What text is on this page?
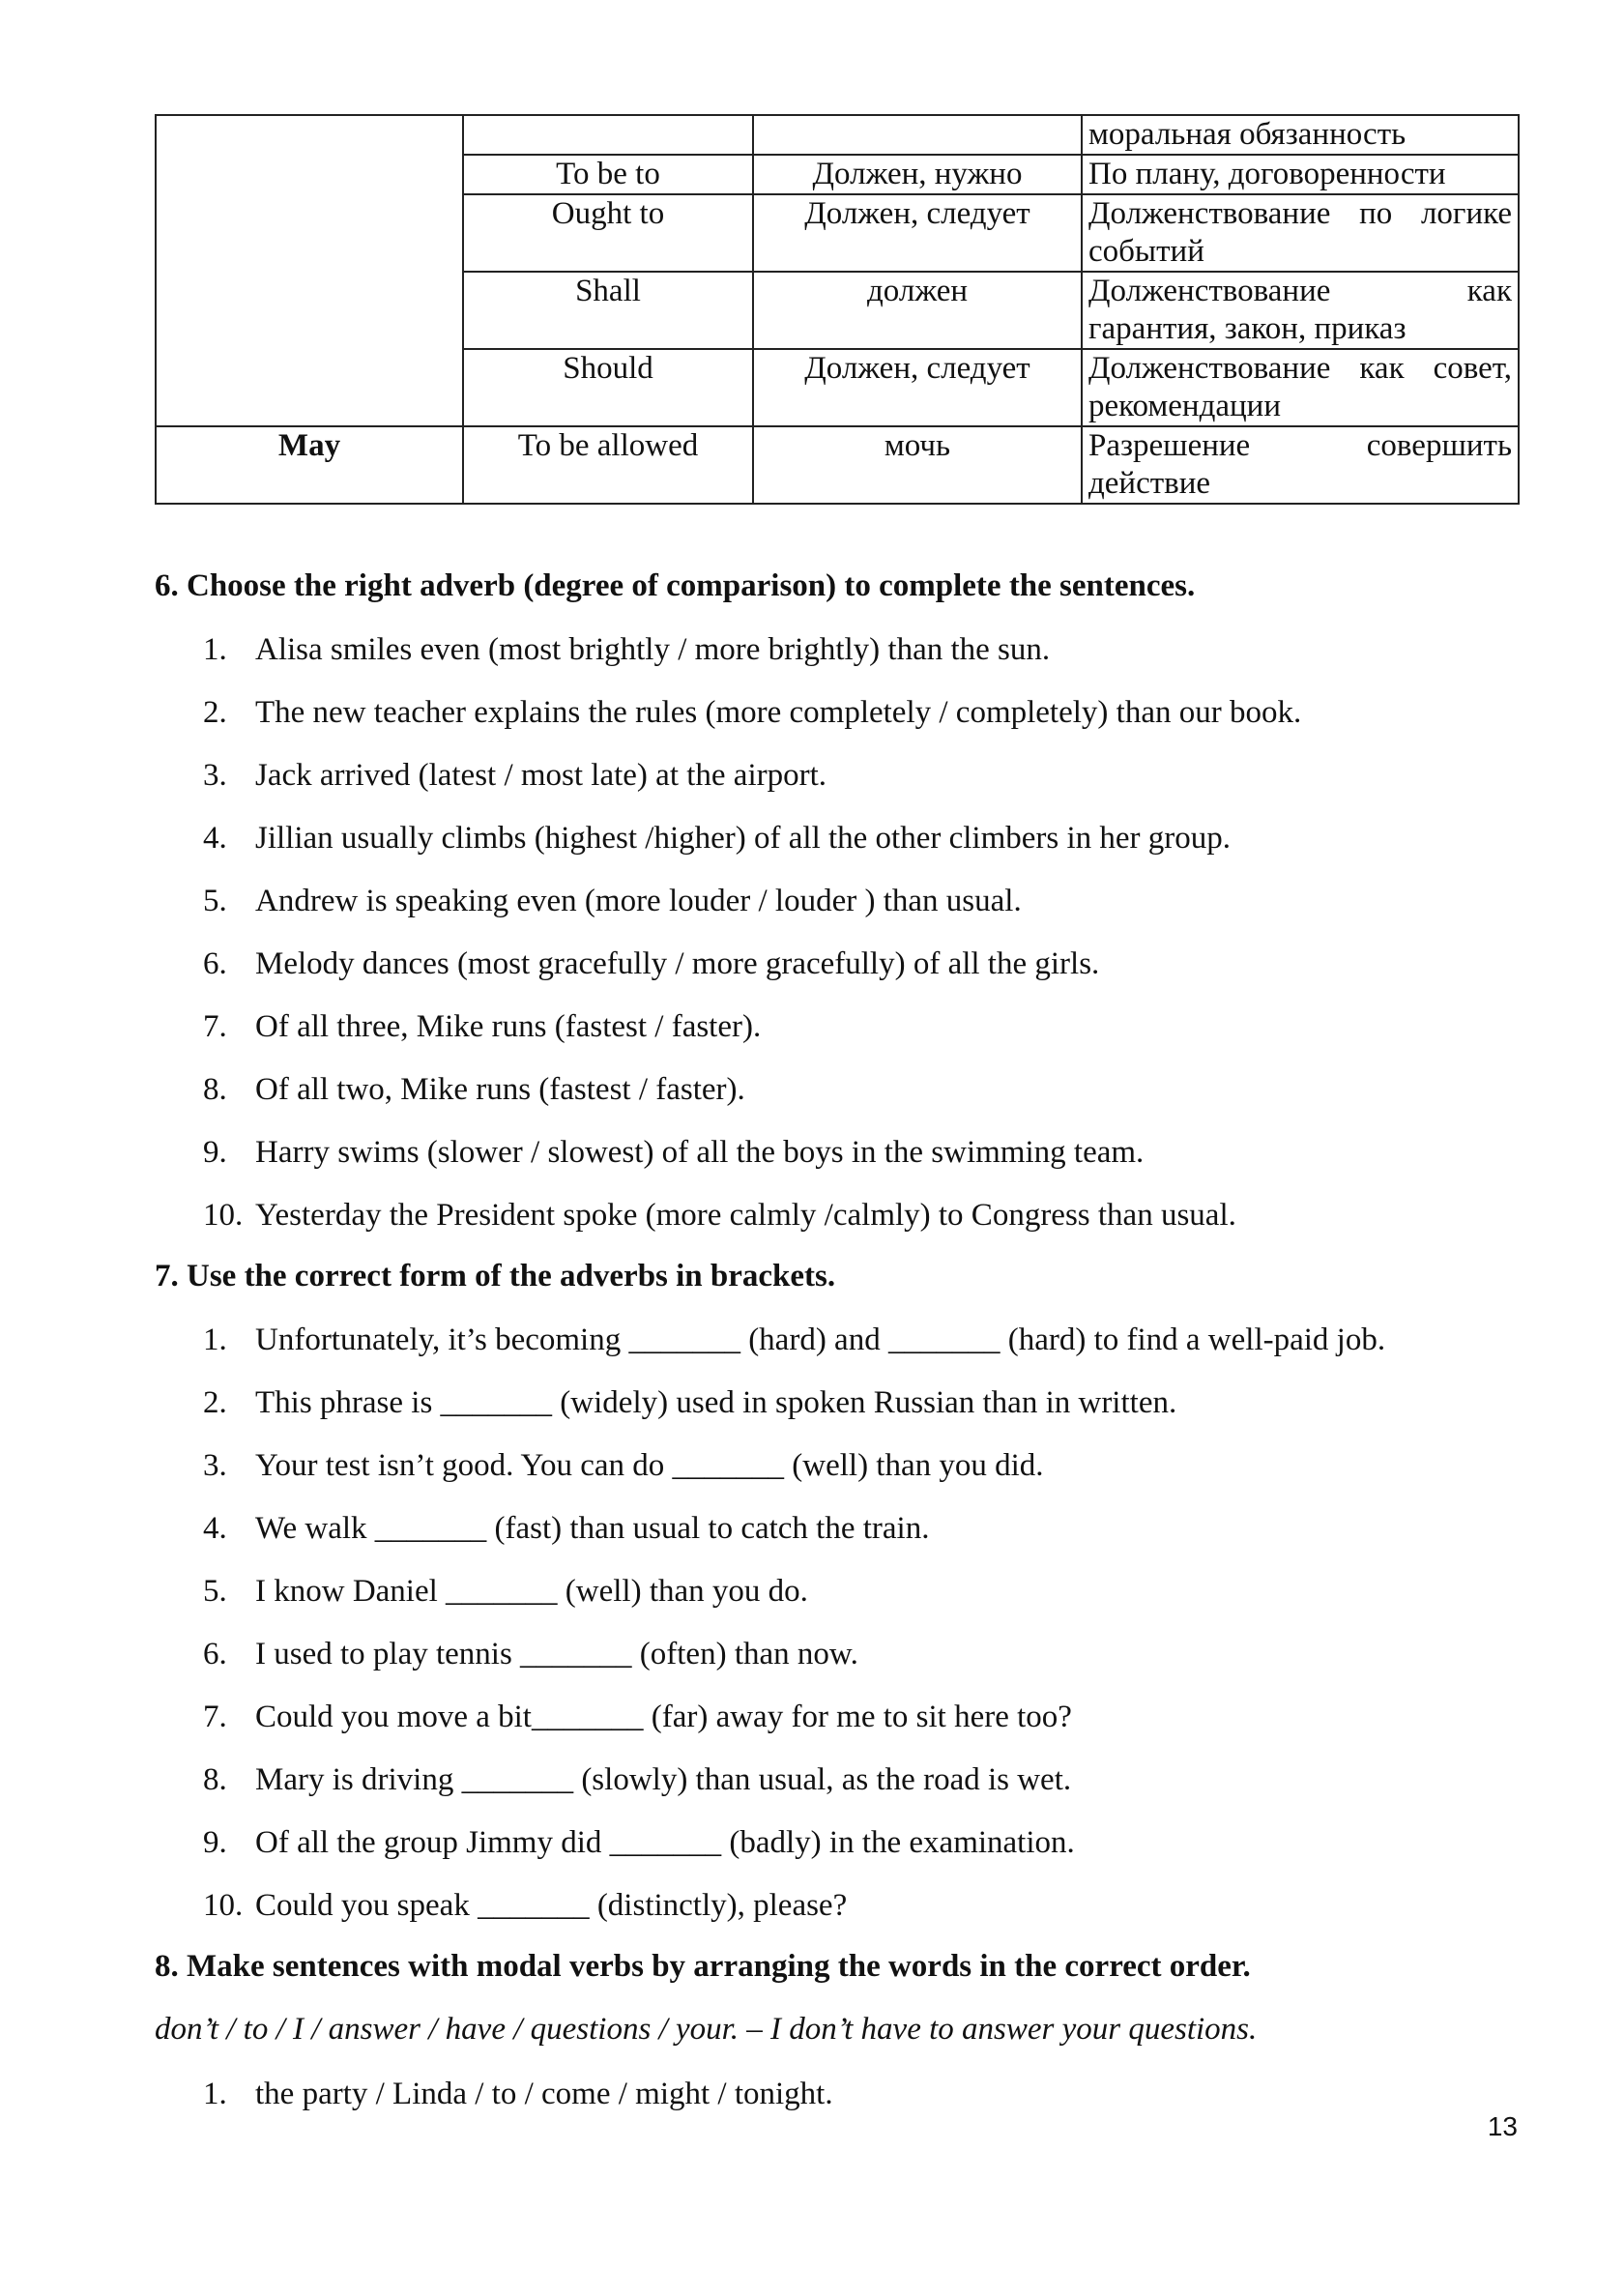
			моральная обязанность
	To be to	Должен, нужно	По плану, договоренности
	Ought to	Должен, следует	Долженствование по логике событий
	Shall	должен	Долженствование как гарантия, закон, приказ
	Should	Должен, следует	Долженствование как совет, рекомендации
May	To be allowed	мочь	Разрешение совершить действие

6. Choose the right adverb (degree of comparison) to complete the sentences.

1. Alisa smiles even (most brightly / more brightly) than the sun.
2. The new teacher explains the rules (more completely / completely) than our book.
3. Jack arrived (latest / most late) at the airport.
4. Jillian usually climbs (highest /higher) of all the other climbers in her group.
5. Andrew is speaking even (more louder / louder ) than usual.
6. Melody dances (most gracefully / more gracefully) of all the girls.
7. Of all three, Mike runs (fastest / faster).
8. Of all two, Mike runs (fastest / faster).
9. Harry swims (slower / slowest) of all the boys in the swimming team.
10. Yesterday the President spoke (more calmly /calmly) to Congress than usual.

7. Use the correct form of the adverbs in brackets.

1. Unfortunately, it’s becoming _______ (hard) and _______ (hard) to find a well-paid job.
2. This phrase is _______ (widely) used in spoken Russian than in written.
3. Your test isn’t good. You can do _______ (well) than you did.
4. We walk _______ (fast) than usual to catch the train.
5. I know Daniel _______ (well) than you do.
6. I used to play tennis _______ (often) than now.
7. Could you move a bit_______ (far) away for me to sit here too?
8. Mary is driving _______ (slowly) than usual, as the road is wet.
9. Of all the group Jimmy did _______ (badly) in the examination.
10. Could you speak _______ (distinctly), please?

8. Make sentences with modal verbs by arranging the words in the correct order.

don’t / to / I / answer / have / questions / your. – I don’t have to answer your questions.

1. the party / Linda / to / come / might / tonight.
13
